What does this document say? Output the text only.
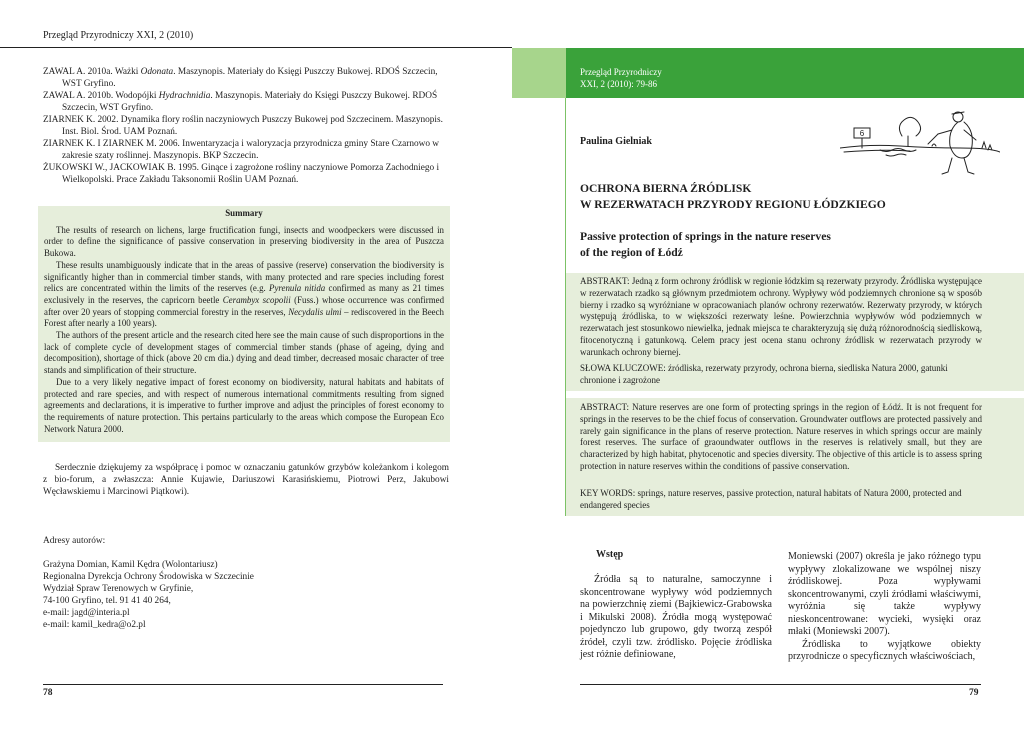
Przegląd Przyrodniczy XXI, 2 (2010)
ZAWAL A. 2010a. Ważki Odonata. Maszynopis. Materiały do Księgi Puszczy Bukowej. RDOŚ Szczecin, WST Gryfino.
ZAWAL A. 2010b. Wodopójki Hydrachnidia. Maszynopis. Materiały do Księgi Puszczy Bukowej. RDOŚ Szczecin, WST Gryfino.
ZIARNEK K. 2002. Dynamika flory roślin naczyniowych Puszczy Bukowej pod Szczecinem. Maszynopis. Inst. Biol. Środ. UAM Poznań.
ZIARNEK K. I ZIARNEK M. 2006. Inwentaryzacja i waloryzacja przyrodnicza gminy Stare Czarnowo w zakresie szaty roślinnej. Maszynopis. BKP Szczecin.
ŻUKOWSKI W., JACKOWIAK B. 1995. Ginące i zagrożone rośliny naczyniowe Pomorza Zachodniego i Wielkopolski. Prace Zakładu Taksonomii Roślin UAM Poznań.
Summary

The results of research on lichens, large fructification fungi, insects and woodpeckers were discussed in order to define the significance of passive conservation in preserving biodiversity in the area of Puszcza Bukowa.

These results unambiguously indicate that in the areas of passive (reserve) conservation the biodiversity is significantly higher than in commercial timber stands, with many protected and rare species including forest relics are concentrated within the limits of the reserves (e.g. Pyrenula nitida confirmed as many as 21 times exclusively in the reserves, the capricorn beetle Cerambyx scopolii (Fuss.) whose occurrence was confirmed after over 20 years of stopping commercial forestry in the reserves, Necydalis ulmi – rediscovered in the Beech Forest after nearly a 100 years).

The authors of the present article and the research cited here see the main cause of such disproportions in the lack of complete cycle of development stages of commercial timber stands (phase of ageing, dying and decomposition), shortage of thick (above 20 cm dia.) dying and dead timber, decreased mosaic character of tree stands and simplification of their structure.

Due to a very likely negative impact of forest economy on biodiversity, natural habitats and habitats of protected and rare species, and with respect of numerous international commitments resulting from signed agreements and declarations, it is imperative to further improve and adjust the principles of forest economy to the requirements of nature protection. This pertains particularly to the areas which compose the European Eco Network Natura 2000.

Serdecznie dziękujemy za współpracę i pomoc w oznaczaniu gatunków grzybów koleżankom i kolegom z bio-forum, a zwłaszcza: Annie Kujawie, Dariuszowi Karasińskiemu, Piotrowi Perz, Jakubowi Węcławskiemu i Marcinowi Piątkowi).

Adresy autorów:
Grażyna Domian, Kamil Kędra (Wolontariusz)
Regionalna Dyrekcja Ochrony Środowiska w Szczecinie
Wydział Spraw Terenowych w Gryfinie,
74-100 Gryfino, tel. 91 41 40 264,
e-mail: jagd@interia.pl
e-mail: kamil_kedra@o2.pl
78
Przegląd Przyrodniczy
XXI, 2 (2010): 79-86
Paulina Gielniak
6
OCHRONA BIERNA ŹRÓDLISK
W REZERWATACH PRZYRODY REGIONU ŁÓDZKIEGO
Passive protection of springs in the nature reserves
of the region of Łódź

ABSTRAKT: Jedną z form ochrony źródlisk w regionie łódzkim są rezerwaty przyrody. Źródliska występujące w rezerwatach rzadko są głównym przedmiotem ochrony. Wypływy wód podziemnych chronione są w sposób bierny i rzadko są wyróżniane w opracowaniach planów ochrony rezerwatów. Rezerwaty przyrody, w których występują źródliska, to w większości rezerwaty leśne. Powierzchnia wypływów wód podziemnych w rezerwatach jest stosunkowo niewielka, jednak miejsca te charakteryzują się dużą różnorodnością siedliskową, fitocenotyczną i gatunkową. Celem pracy jest ocena stanu ochrony źródlisk w rezerwatach przyrody w warunkach ochrony biernej.

SŁOWA KLUCZOWE: źródliska, rezerwaty przyrody, ochrona bierna, siedliska Natura 2000, gatunki chronione i zagrożone

ABSTRACT: Nature reserves are one form of protecting springs in the region of Łódź. It is not frequent for springs in the reserves to be the chief focus of conservation. Groundwater outflows are protected passively and rarely gain significance in the plans of reserve protection. Nature reserves in which springs occur are mainly forest reserves. The surface of graoundwater outflows in the reserves is relatively small, but they are characterized by high habitat, phytocenotic and species diversity. The objective of this article is to assess spring protection in nature reserves within the conditions of passive conservation.

KEY WORDS: springs, nature reserves, passive protection, natural habitats of Natura 2000, protected and endangered species

Wstęp

Źródła są to naturalne, samoczynne i skoncentrowane wypływy wód podziemnych na powierzchnię ziemi (Bajkiewicz-Grabowska i Mikulski 2008). Źródła mogą występować pojedynczo lub grupowo, gdy tworzą zespół źródeł, czyli tzw. źródlisko. Pojęcie źródliska jest różnie definiowane,

Moniewski (2007) określa je jako różnego typu wypływy zlokalizowane we wspólnej niszy źródliskowej. Poza wypływami skoncentrowanymi, czyli źródłami właściwymi, wyróżnia się także wypływy nieskoncentrowane: wycieki, wysięki oraz młaki (Moniewski 2007).

Źródliska to wyjątkowe obiekty przyrodnicze o specyficznych właściwościach,

79
